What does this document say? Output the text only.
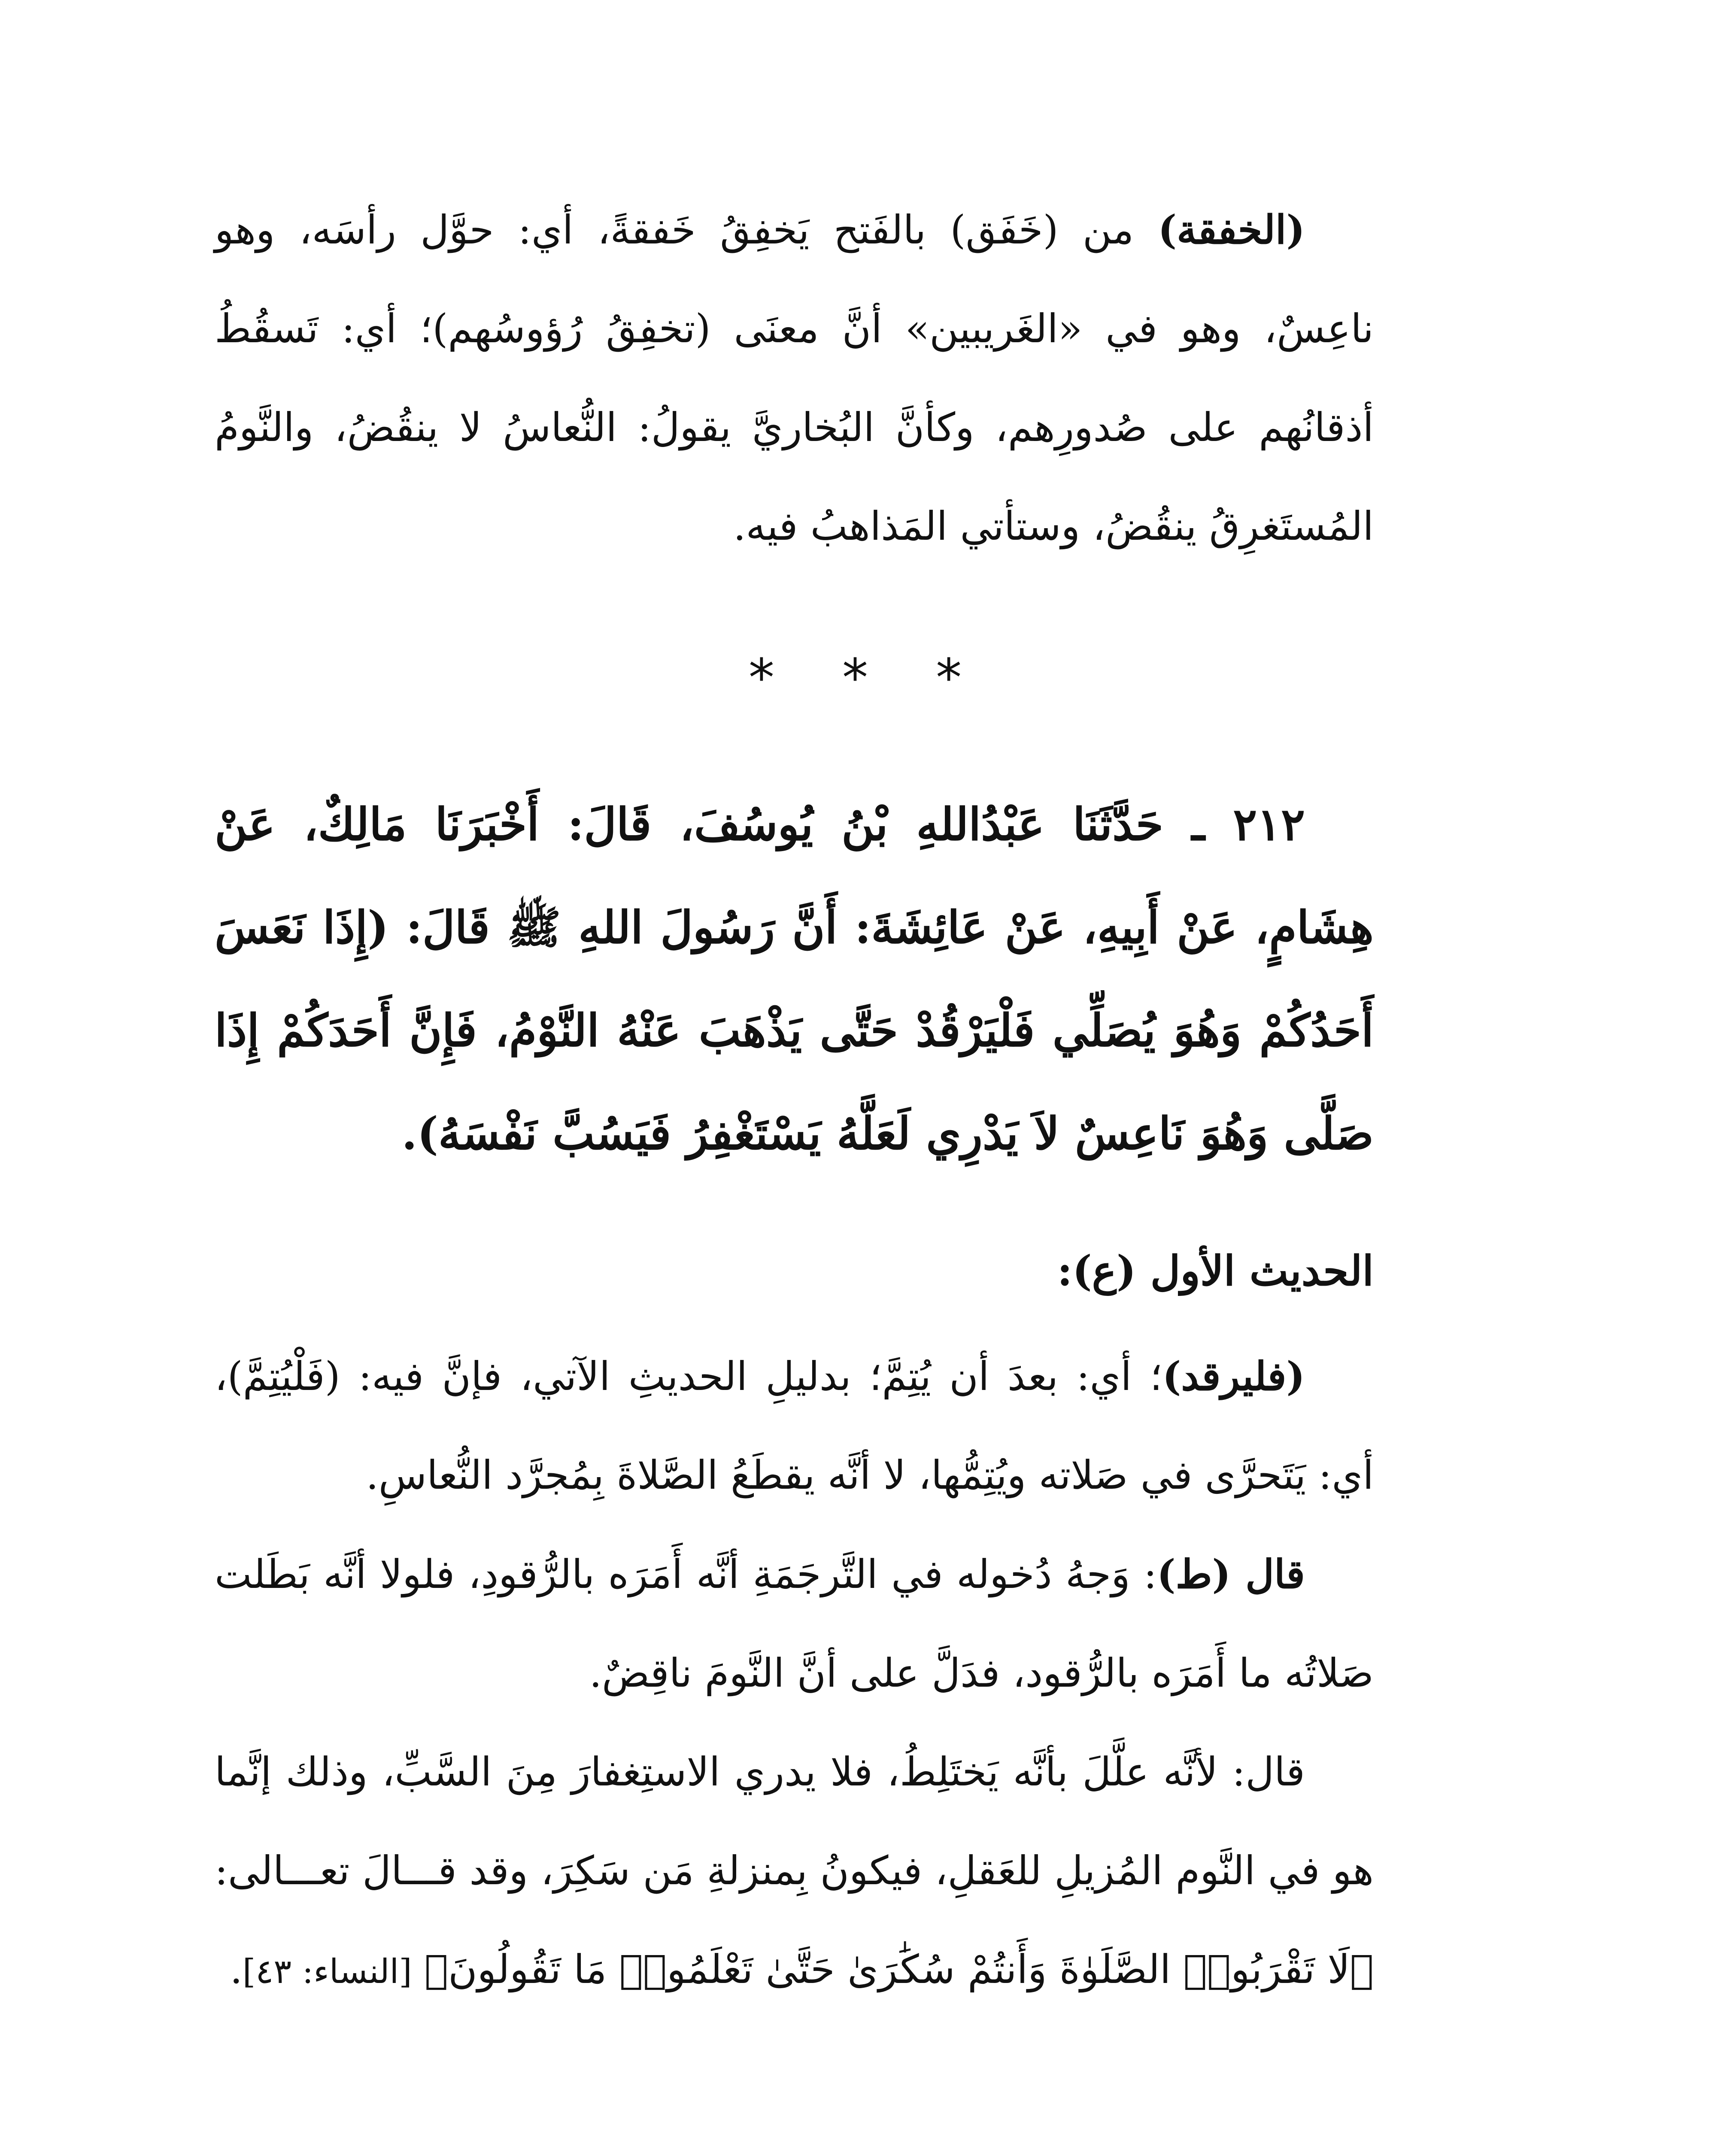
(الخفقة) من (خَفَق) بالفَتح يَخفِقُ خَفقةً، أي: حوَّل رأسَه، وهو ناعِسٌ، وهو في «الغَريبين» أنَّ معنَى (تخفِقُ رُؤوسُهم)؛ أي: تَسقُطُ أذقانُهم على صُدورِهم، وكأنَّ البُخاريَّ يقولُ: النُّعاسُ لا ينقُضُ، والنَّومُ المُستَغرِقُ ينقُضُ، وستأتي المَذاهبُ فيه.

* * *

٢١٢ ـ حَدَّثَنَا عَبْدُاللهِ بْنُ يُوسُفَ، قَالَ: أَخْبَرَنَا مَالِكٌ، عَنْ هِشَامٍ، عَنْ أَبِيهِ، عَنْ عَائِشَةَ: أَنَّ رَسُولَ اللهِ ﷺ قَالَ: (إِذَا نَعَسَ أَحَدُكُمْ وَهُوَ يُصَلِّي فَلْيَرْقُدْ حَتَّى يَذْهَبَ عَنْهُ النَّوْمُ، فَإِنَّ أَحَدَكُمْ إِذَا صَلَّى وَهُوَ نَاعِسٌ لاَ يَدْرِي لَعَلَّهُ يَسْتَغْفِرُ فَيَسُبَّ نَفْسَهُ).

الحديث الأول (ع):

(فليرقد)؛ أي: بعدَ أن يُتِمَّ؛ بدليلِ الحديثِ الآتي، فإنَّ فيه: (فَلْيُتِمَّ)، أي: يَتَحرَّى في صَلاته ويُتِمُّها، لا أنَّه يقطَعُ الصَّلاةَ بِمُجرَّد النُّعاسِ.

قال (ط): وَجهُ دُخوله في التَّرجَمَةِ أنَّه أَمَرَه بالرُّقودِ، فلولا أنَّه بَطَلت صَلاتُه ما أَمَرَه بالرُّقود، فدَلَّ على أنَّ النَّومَ ناقِضٌ.

قال: لأنَّه علَّلَ بأنَّه يَختَلِطُ، فلا يدري الاستِغفارَ مِنَ السَّبِّ، وذلك إنَّما هو في النَّوم المُزيلِ للعَقلِ، فيكونُ بِمنزلةِ مَن سَكِرَ، وقد قـــالَ تعـــالى: ﴿لَا تَقْرَبُوا۟ الصَّلَوٰةَ وَأَنتُمْ سُكَٰرَىٰ حَتَّىٰ تَعْلَمُوا۟ مَا تَقُولُونَ﴾ [النساء: ٤٣].
